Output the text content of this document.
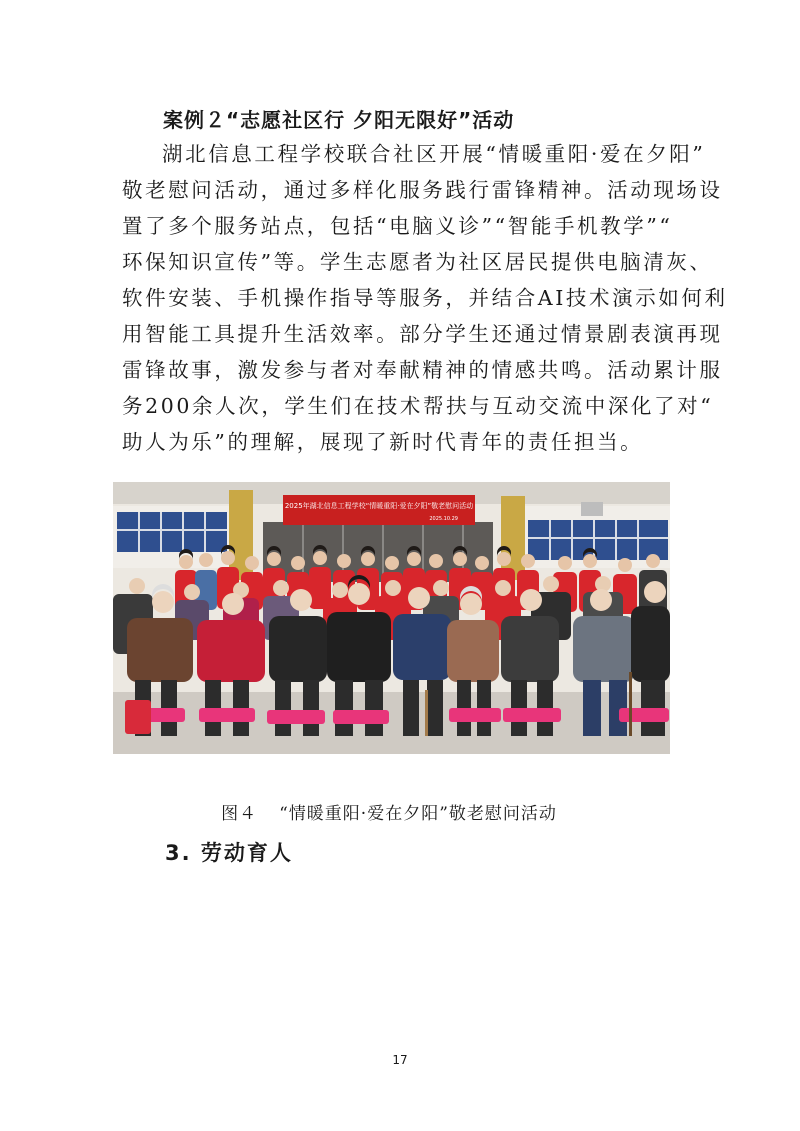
案例２“志愿社区行 夕阳无限好”活动
湖北信息工程学校联合社区开展“情暖重阳·爱在夕阳”
敬老慰问活动，通过多样化服务践行雷锋精神。活动现场设
置了多个服务站点，包括“电脑义诊”“智能手机教学”“
环保知识宣传”等。学生志愿者为社区居民提供电脑清灰、
软件安装、手机操作指导等服务，并结合AI技术演示如何利
用智能工具提升生活效率。部分学生还通过情景剧表演再现
雷锋故事，激发参与者对奉献精神的情感共鸣。活动累计服
务200余人次，学生们在技术帮扶与互动交流中深化了对“
助人为乐”的理解，展现了新时代青年的责任担当。
2025年湖北信息工程学校“情暖重阳·爱在夕阳”敬老慰问活动
2025.10.29
图４ “情暖重阳·爱在夕阳”敬老慰问活动
3. 劳动育人
17
